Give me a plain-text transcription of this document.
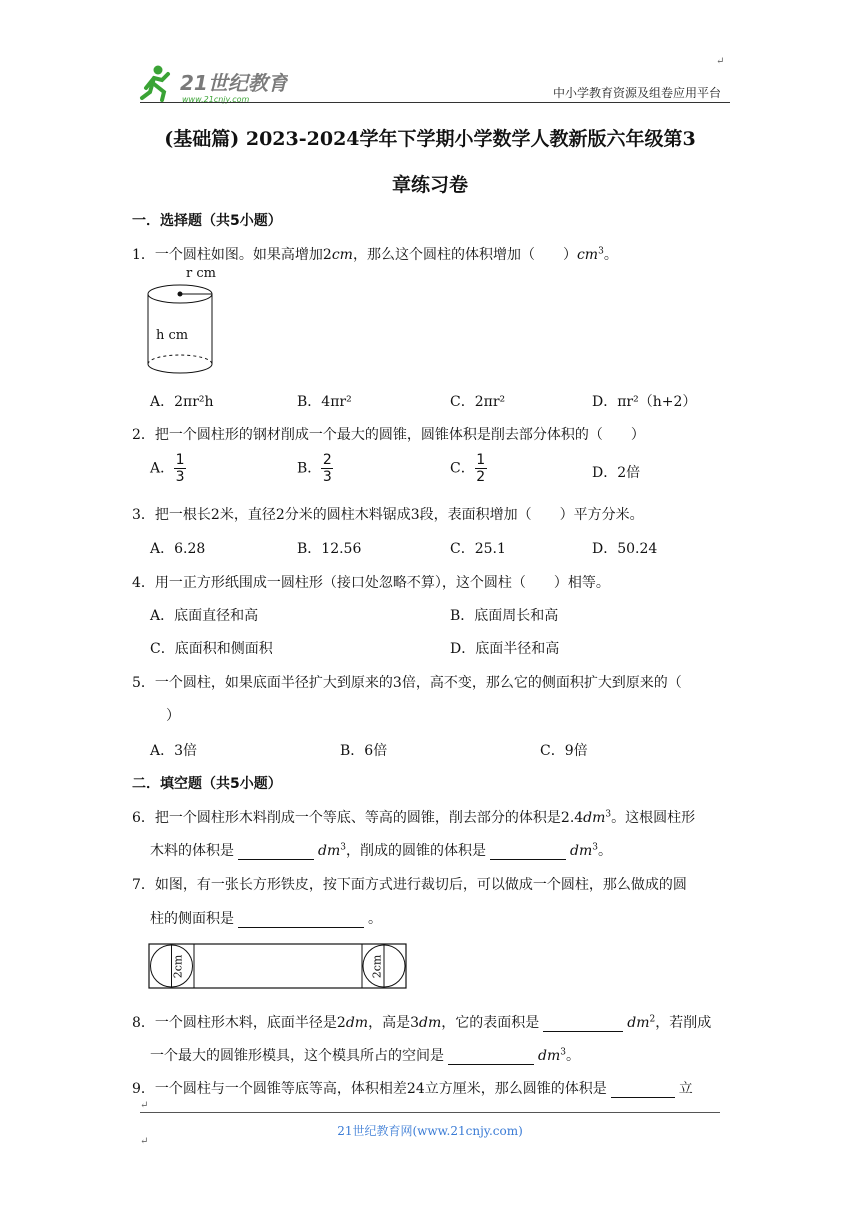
21世纪教育
www.21cnjy.com
↵
中小学教育资源及组卷应用平台
(基础篇) 2023-2024学年下学期小学数学人教新版六年级第3
章练习卷
一．选择题（共5小题）
1．一个圆柱如图。如果高增加2cm，那么这个圆柱的体积增加（　　）$cm^3$。
r cm
h cm
A．2πr²h	B．4πr²	C．2πr²	D．πr²（h+2）
2．把一个圆柱形的钢材削成一个最大的圆锥，圆锥体积是削去部分体积的（　　）
A． $\frac{1}{3}$	B． $\frac{2}{3}$	C． $\frac{1}{2}$	D．2倍
3．把一根长2米，直径2分米的圆柱木料锯成3段，表面积增加（　　）平方分米。
A．6.28	B．12.56	C．25.1	D．50.24
4．用一正方形纸围成一圆柱形（接口处忽略不算），这个圆柱（　　）相等。
A．底面直径和高	B．底面周长和高
C．底面积和侧面积	D．底面半径和高
5．一个圆柱，如果底面半径扩大到原来的3倍，高不变，那么它的侧面积扩大到原来的（
）
A．3倍	B．6倍	C．9倍
二．填空题（共5小题）
6．把一个圆柱形木料削成一个等底、等高的圆锥，削去部分的体积是$2.4dm^3$。这根圆柱形
木料的体积是	$dm^3$，削成的圆锥的体积是	$dm^3$。
7．如图，有一张长方形铁皮，按下面方式进行裁切后，可以做成一个圆柱，那么做成的圆
柱的侧面积是	。
2cm	2cm
8．一个圆柱形木料，底面半径是2dm，高是3dm，它的表面积是	$dm^2$，若削成
一个最大的圆锥形模具，这个模具所占的空间是	$dm^3$。
9．一个圆柱与一个圆锥等底等高，体积相差24立方厘米，那么圆锥的体积是	立
↵
21世纪教育网(www.21cnjy.com)
↵
